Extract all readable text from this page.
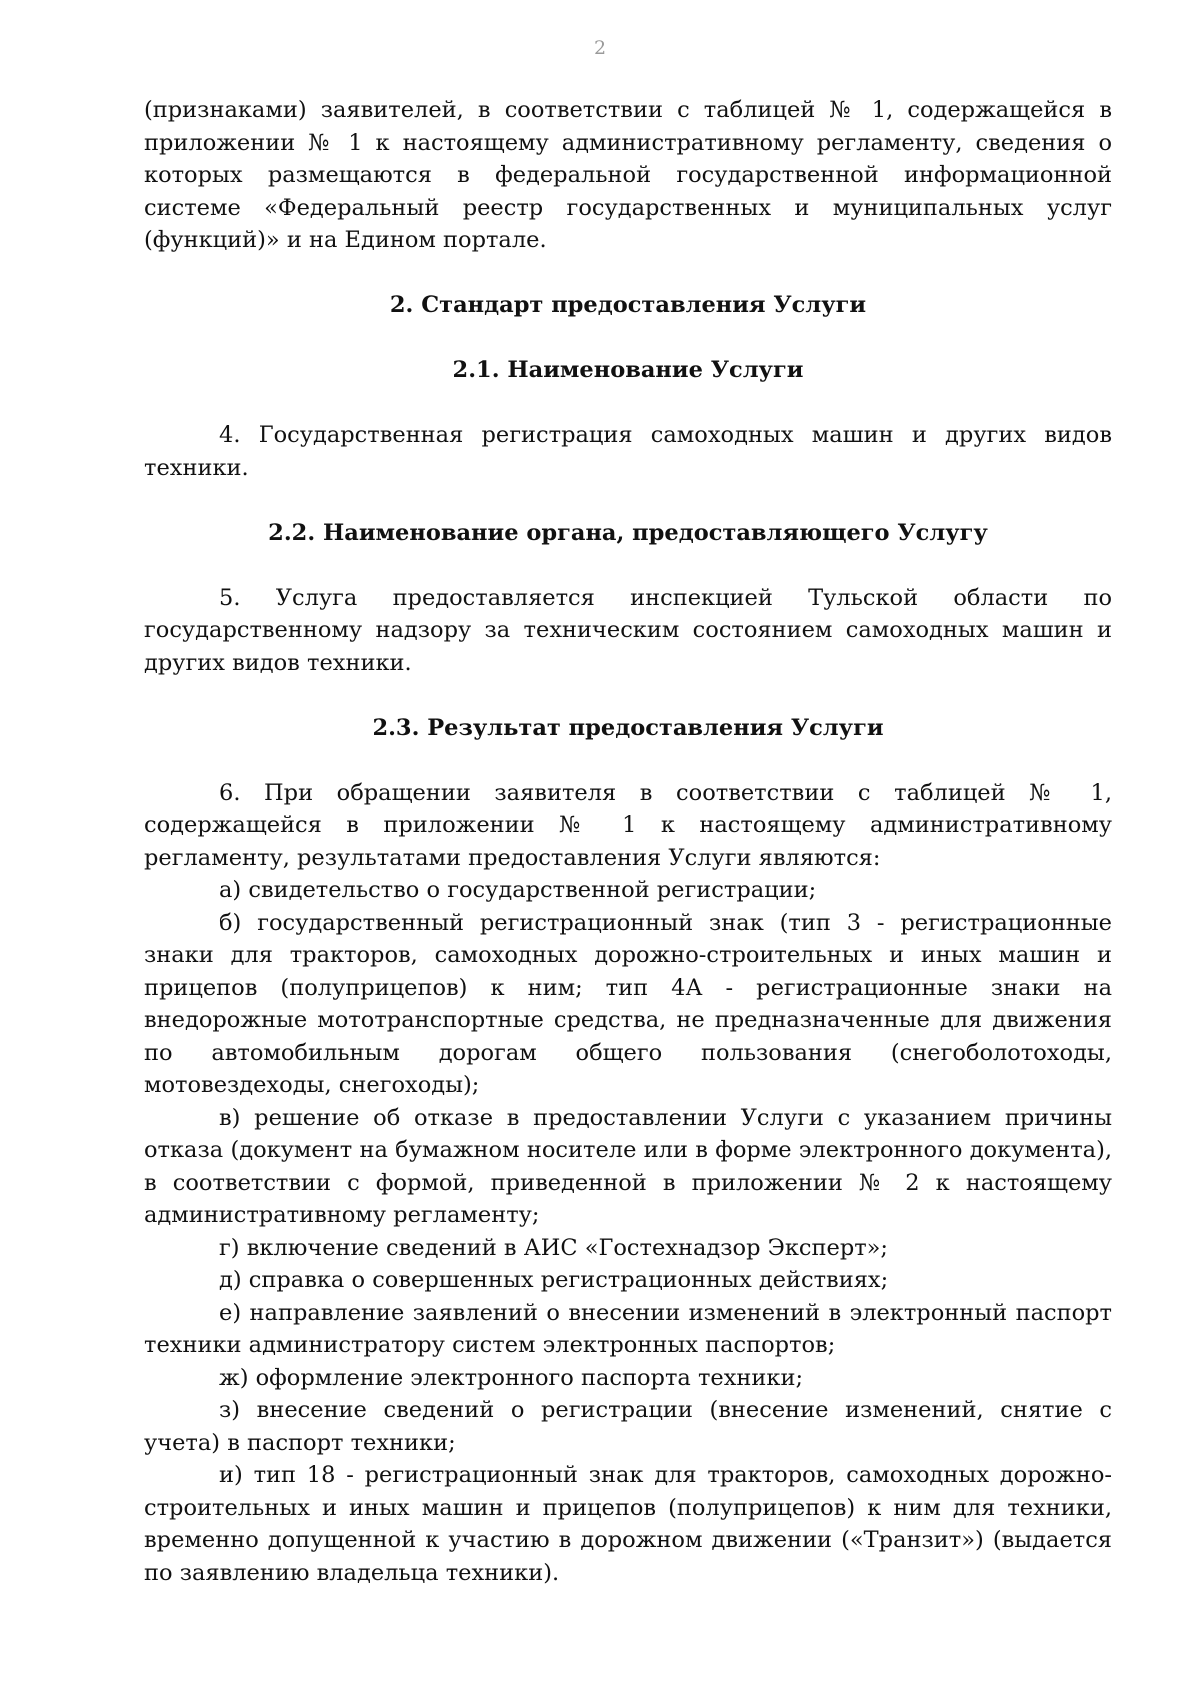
2

(признаками) заявителей, в соответствии с таблицей № 1, содержащейся в приложении № 1 к настоящему административному регламенту, сведения о которых размещаются в федеральной государственной информационной системе «Федеральный реестр государственных и муниципальных услуг (функций)» и на Едином портале.

2. Стандарт предоставления Услуги
2.1. Наименование Услуги

4. Государственная регистрация самоходных машин и других видов техники.

2.2. Наименование органа, предоставляющего Услугу

5. Услуга предоставляется инспекцией Тульской области по государственному надзору за техническим состоянием самоходных машин и других видов техники.

2.3. Результат предоставления Услуги

6. При обращении заявителя в соответствии с таблицей № 1, содержащейся в приложении № 1 к настоящему административному регламенту, результатами предоставления Услуги являются:

а) свидетельство о государственной регистрации;

б) государственный регистрационный знак (тип 3 - регистрационные знаки для тракторов, самоходных дорожно-строительных и иных машин и прицепов (полуприцепов) к ним; тип 4А - регистрационные знаки на внедорожные мототранспортные средства, не предназначенные для движения по автомобильным дорогам общего пользования (снегоболотоходы, мотовездеходы, снегоходы);

в) решение об отказе в предоставлении Услуги с указанием причины отказа (документ на бумажном носителе или в форме электронного документа), в соответствии с формой, приведенной в приложении № 2 к настоящему административному регламенту;

г) включение сведений в АИС «Гостехнадзор Эксперт»;

д) справка о совершенных регистрационных действиях;

е) направление заявлений о внесении изменений в электронный паспорт техники администратору систем электронных паспортов;

ж) оформление электронного паспорта техники;

з) внесение сведений о регистрации (внесение изменений, снятие с учета) в паспорт техники;

и) тип 18 - регистрационный знак для тракторов, самоходных дорожно-строительных и иных машин и прицепов (полуприцепов) к ним для техники, временно допущенной к участию в дорожном движении («Транзит») (выдается по заявлению владельца техники).
